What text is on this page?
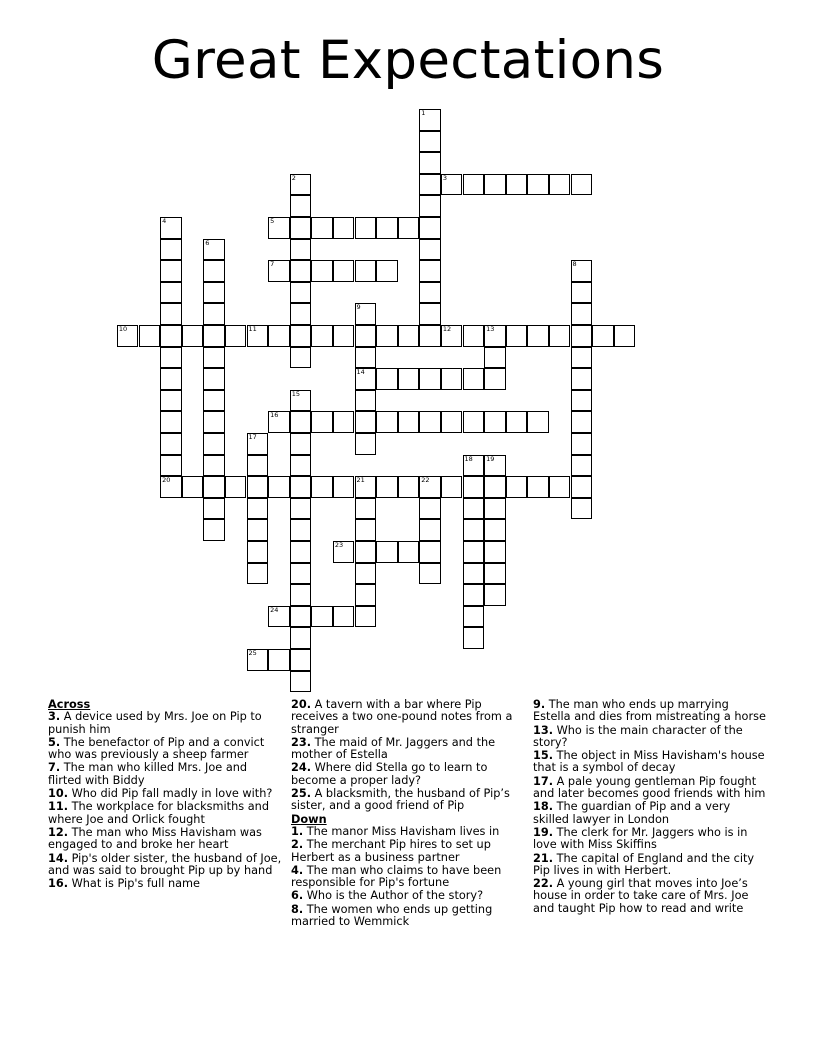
Great Expectations
3
5
7
10	11	12	13
14
16
20	21	22
23
24
25
1
2
4
6
8
9
15
17
18 19
Across
3. A device used by Mrs. Joe on Pip to punish him
5. The benefactor of Pip and a convict who was previously a sheep farmer
7. The man who killed Mrs. Joe and flirted with Biddy
10. Who did Pip fall madly in love with?
11. The workplace for blacksmiths and where Joe and Orlick fought
12. The man who Miss Havisham was engaged to and broke her heart
14. Pip's older sister, the husband of Joe, and was said to brought Pip up by hand
16. What is Pip's full name
20. A tavern with a bar where Pip receives a two one-pound notes from a stranger
23. The maid of Mr. Jaggers and the mother of Estella
24. Where did Stella go to learn to become a proper lady?
25. A blacksmith, the husband of Pip’s sister, and a good friend of Pip
Down
1. The manor Miss Havisham lives in
2. The merchant Pip hires to set up Herbert as a business partner
4. The man who claims to have been responsible for Pip's fortune
6. Who is the Author of the story?
8. The women who ends up getting married to Wemmick
9. The man who ends up marrying Estella and dies from mistreating a horse
13. Who is the main character of the story?
15. The object in Miss Havisham's house that is a symbol of decay
17. A pale young gentleman Pip fought and later becomes good friends with him
18. The guardian of Pip and a very skilled lawyer in London
19. The clerk for Mr. Jaggers who is in love with Miss Skiffins
21. The capital of England and the city Pip lives in with Herbert.
22. A young girl that moves into Joe’s house in order to take care of Mrs. Joe and taught Pip how to read and write
